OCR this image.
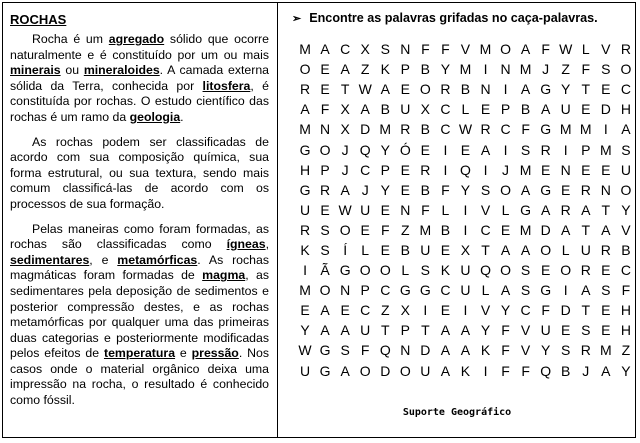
ROCHAS

Rocha é um agregado sólido que ocorre naturalmente e é constituído por um ou mais minerais ou mineraloides. A camada externa sólida da Terra, conhecida por litosfera, é constituída por rochas. O estudo científico das rochas é um ramo da geologia.

As rochas podem ser classificadas de acordo com sua composição química, sua forma estrutural, ou sua textura, sendo mais comum classificá-las de acordo com os processos de sua formação.

Pelas maneiras como foram formadas, as rochas são classificadas como ígneas, sedimentares, e metamórficas. As rochas magmáticas foram formadas de magma, as sedimentares pela deposição de sedimentos e posterior compressão destes, e as rochas metamórficas por qualquer uma das primeiras duas categorias e posteriormente modificadas pelos efeitos de temperatura e pressão. Nos casos onde o material orgânico deixa uma impressão na rocha, o resultado é conhecido como fóssil.

➢ Encontre as palavras grifadas no caça-palavras.
M	A	C	X	S	N	F	F	V	M	O	A	F	W	L	V	R
O	E	A	Z	K	P	B	Y	M	I	N	M	J	Z	F	S	O
R	E	T	W	A	E	O	R	B	N	I	A	G	Y	T	E	C
A	F	X	A	B	U	X	C	L	E	P	B	A	U	E	D	H
M	N	X	D	M	R	B	C	W	R	C	F	G	M	M	I	A
G	O	J	Q	Y	Ó	E	I	E	A	I	S	R	I	P	M	S
H	P	J	C	P	E	R	I	Q	I	J	M	E	N	E	E	U
G	R	A	J	Y	E	B	F	Y	S	O	A	G	E	R	N	O
U	E	W	U	E	N	F	L	I	V	L	G	A	R	A	T	Y
R	S	O	E	F	Z	M	B	I	C	E	M	D	A	T	A	V
K	S	Í	L	E	B	U	E	X	T	A	A	O	L	U	R	B
I	Ã	G	O	O	L	S	K	U	Q	O	S	E	O	R	E	C
M	O	N	P	C	G	G	C	U	L	A	S	G	I	A	S	F
E	A	E	C	Z	X	I	E	I	V	Y	C	F	D	T	E	H
Y	A	A	U	T	P	T	A	A	Y	F	V	U	E	S	E	H
W	G	S	F	Q	N	D	A	A	K	F	V	Y	S	R	M	Z
U	G	A	O	D	O	U	A	K	I	F	F	Q	B	J	A	Y
Suporte Geográfico
